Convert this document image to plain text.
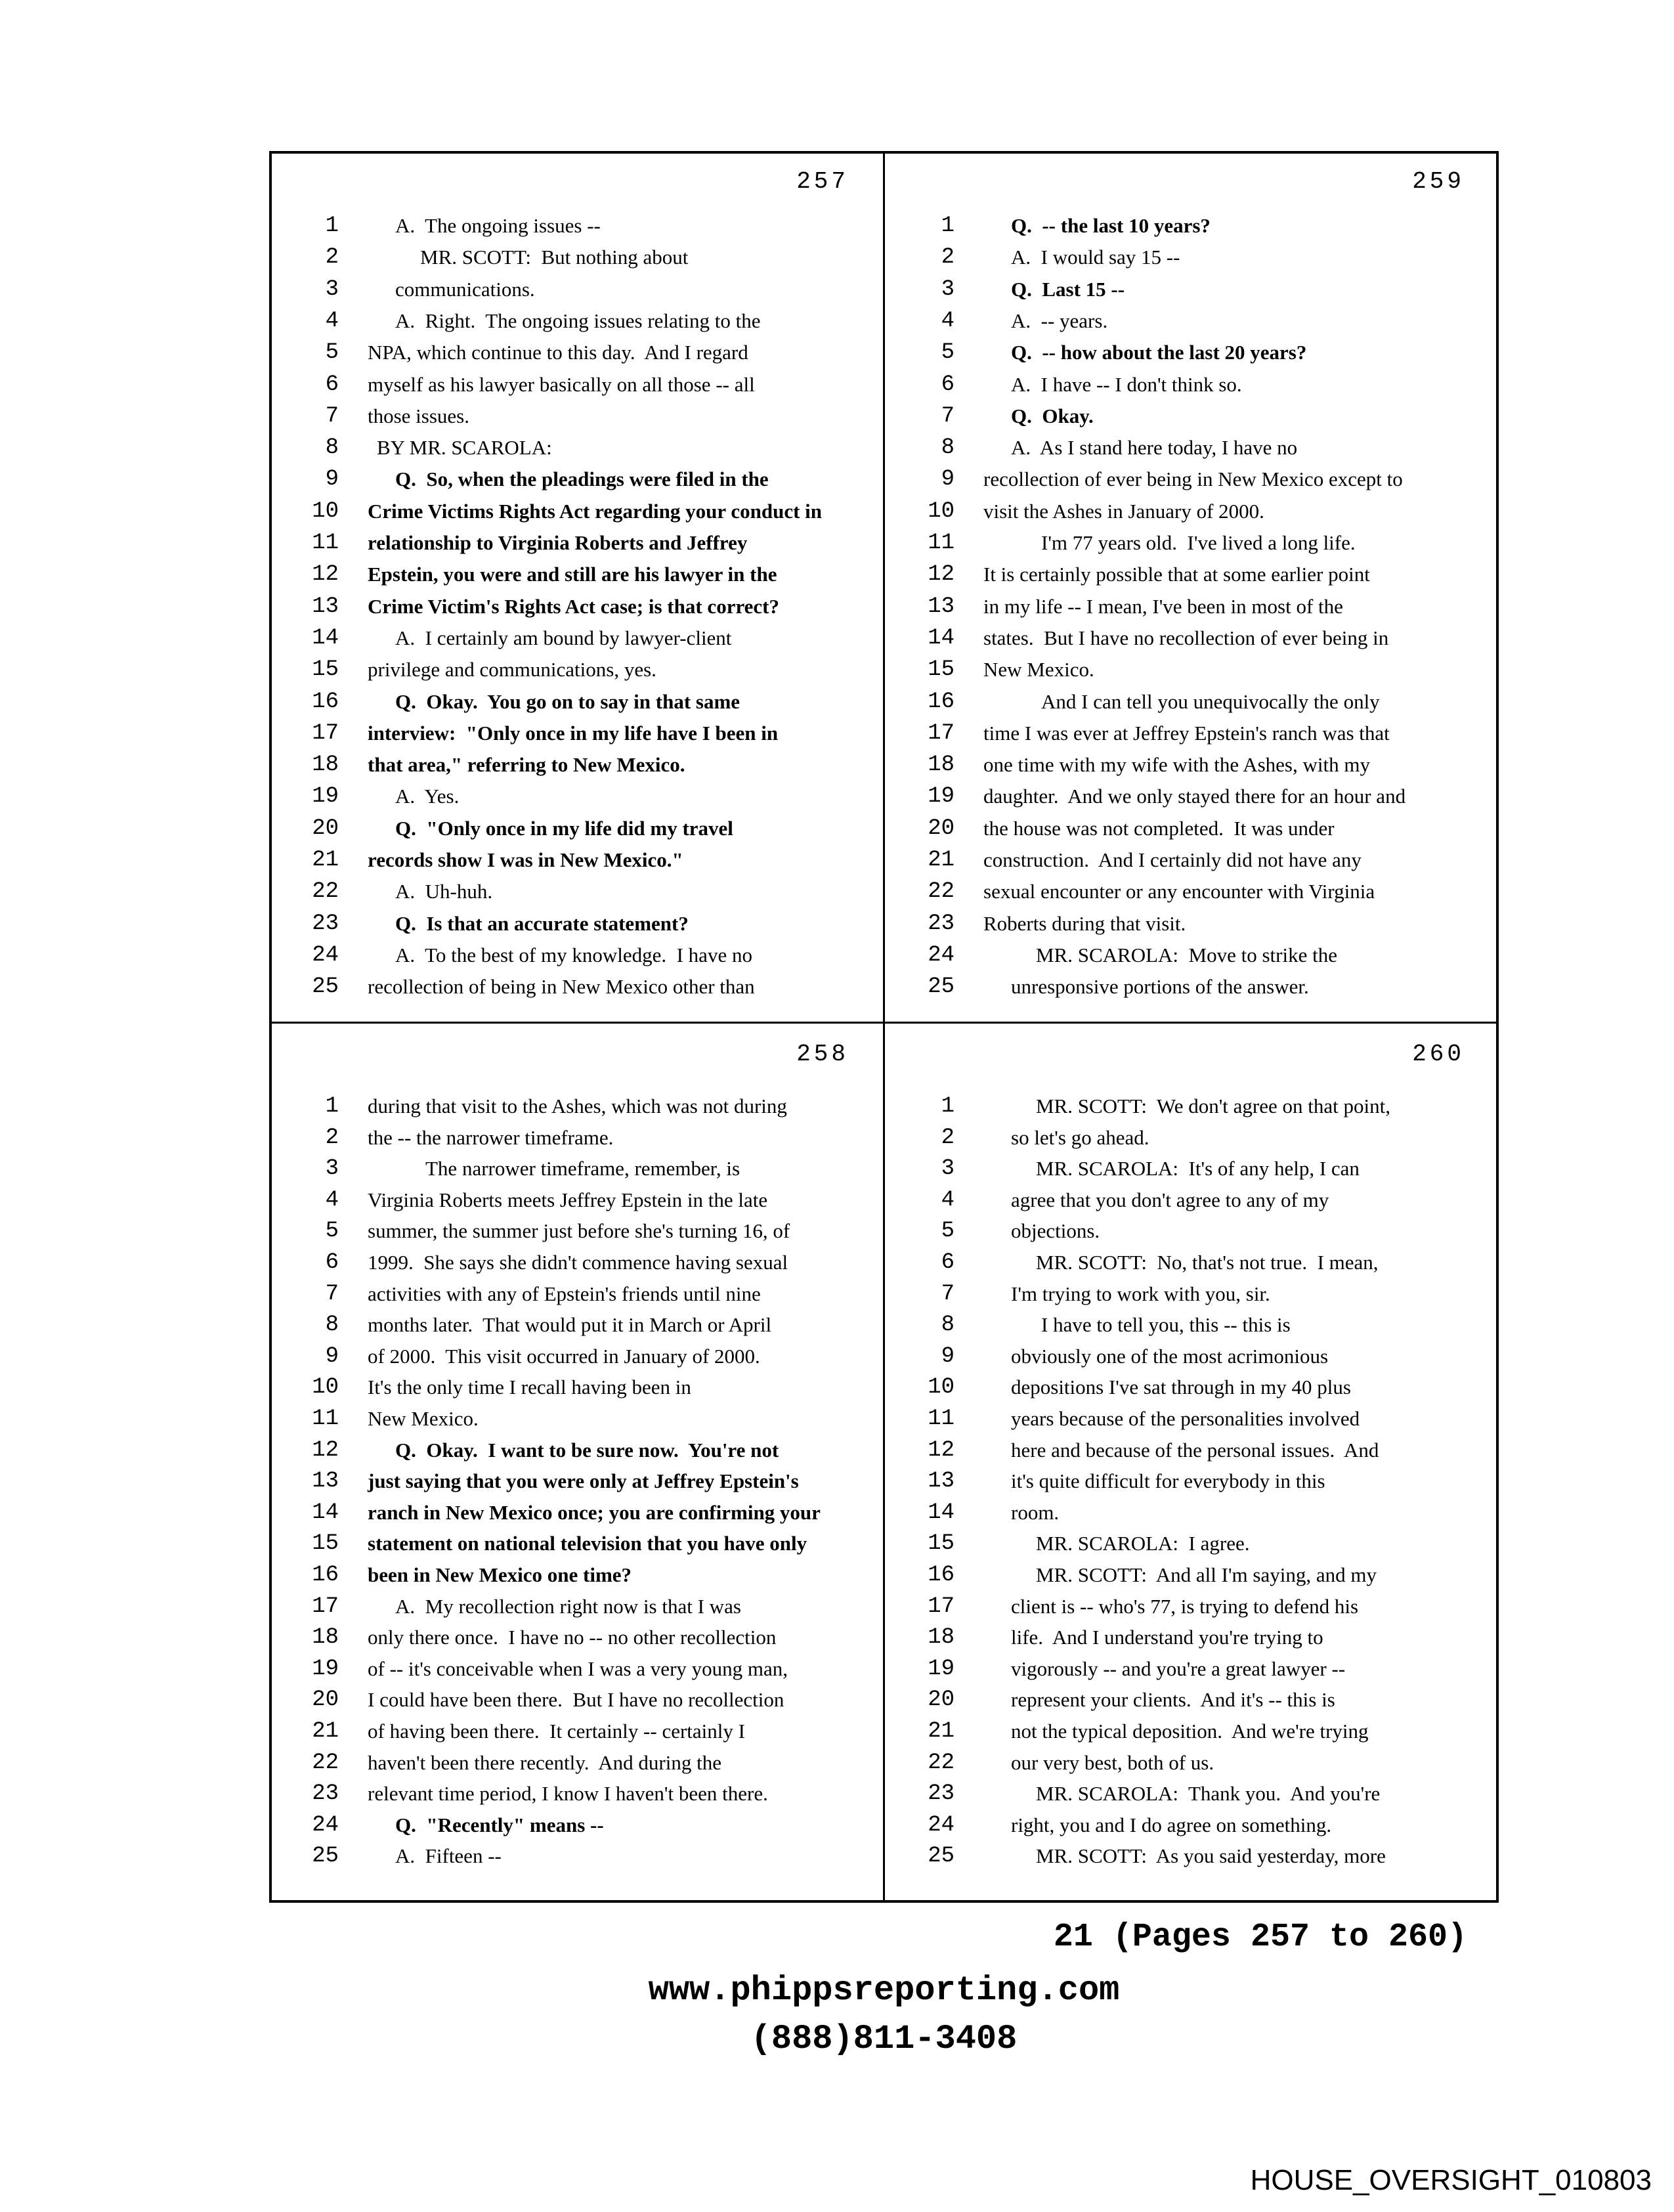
257
1	A.  The ongoing issues --
2	MR. SCOTT:  But nothing about
3	communications.
4	A.  Right.  The ongoing issues relating to the
5 NPA, which continue to this day.  And I regard
6 myself as his lawyer basically on all those -- all
7 those issues.
8 BY MR. SCAROLA:
9	Q.  So, when the pleadings were filed in the
10 Crime Victims Rights Act regarding your conduct in
11 relationship to Virginia Roberts and Jeffrey
12 Epstein, you were and still are his lawyer in the
13 Crime Victim's Rights Act case; is that correct?
14	A.  I certainly am bound by lawyer-client
15 privilege and communications, yes.
16	Q.  Okay.  You go on to say in that same
17 interview:  "Only once in my life have I been in
18 that area," referring to New Mexico.
19	A.  Yes.
20	Q.  "Only once in my life did my travel
21 records show I was in New Mexico."
22	A.  Uh-huh.
23	Q.  Is that an accurate statement?
24	A.  To the best of my knowledge.  I have no
25 recollection of being in New Mexico other than
259
1	Q.  -- the last 10 years?
2	A.  I would say 15 --
3	Q.  Last 15 --
4	A.  -- years.
5	Q.  -- how about the last 20 years?
6	A.  I have -- I don't think so.
7	Q.  Okay.
8	A.  As I stand here today, I have no
9 recollection of ever being in New Mexico except to
10 visit the Ashes in January of 2000.
11	I'm 77 years old.  I've lived a long life.
12 It is certainly possible that at some earlier point
13 in my life -- I mean, I've been in most of the
14 states.  But I have no recollection of ever being in
15 New Mexico.
16	And I can tell you unequivocally the only
17 time I was ever at Jeffrey Epstein's ranch was that
18 one time with my wife with the Ashes, with my
19 daughter.  And we only stayed there for an hour and
20 the house was not completed.  It was under
21 construction.  And I certainly did not have any
22 sexual encounter or any encounter with Virginia
23 Roberts during that visit.
24	MR. SCAROLA:  Move to strike the
25	unresponsive portions of the answer.
258
1 during that visit to the Ashes, which was not during
2 the -- the narrower timeframe.
3	The narrower timeframe, remember, is
4 Virginia Roberts meets Jeffrey Epstein in the late
5 summer, the summer just before she's turning 16, of
6 1999.  She says she didn't commence having sexual
7 activities with any of Epstein's friends until nine
8 months later.  That would put it in March or April
9 of 2000.  This visit occurred in January of 2000.
10 It's the only time I recall having been in
11 New Mexico.
12	Q.  Okay.  I want to be sure now.  You're not
13 just saying that you were only at Jeffrey Epstein's
14 ranch in New Mexico once; you are confirming your
15 statement on national television that you have only
16 been in New Mexico one time?
17	A.  My recollection right now is that I was
18 only there once.  I have no -- no other recollection
19 of -- it's conceivable when I was a very young man,
20 I could have been there.  But I have no recollection
21 of having been there.  It certainly -- certainly I
22 haven't been there recently.  And during the
23 relevant time period, I know I haven't been there.
24	Q.  "Recently" means --
25	A.  Fifteen --
260
1	MR. SCOTT:  We don't agree on that point,
2	so let's go ahead.
3	MR. SCAROLA:  It's of any help, I can
4	agree that you don't agree to any of my
5	objections.
6	MR. SCOTT:  No, that's not true.  I mean,
7	I'm trying to work with you, sir.
8	I have to tell you, this -- this is
9	obviously one of the most acrimonious
10	depositions I've sat through in my 40 plus
11	years because of the personalities involved
12	here and because of the personal issues.  And
13	it's quite difficult for everybody in this
14	room.
15	MR. SCAROLA:  I agree.
16	MR. SCOTT:  And all I'm saying, and my
17	client is -- who's 77, is trying to defend his
18	life.  And I understand you're trying to
19	vigorously -- and you're a great lawyer --
20	represent your clients.  And it's -- this is
21	not the typical deposition.  And we're trying
22	our very best, both of us.
23	MR. SCAROLA:  Thank you.  And you're
24	right, you and I do agree on something.
25	MR. SCOTT:  As you said yesterday, more
21 (Pages 257 to 260)
www.phippsreporting.com
(888)811-3408
HOUSE_OVERSIGHT_010803
